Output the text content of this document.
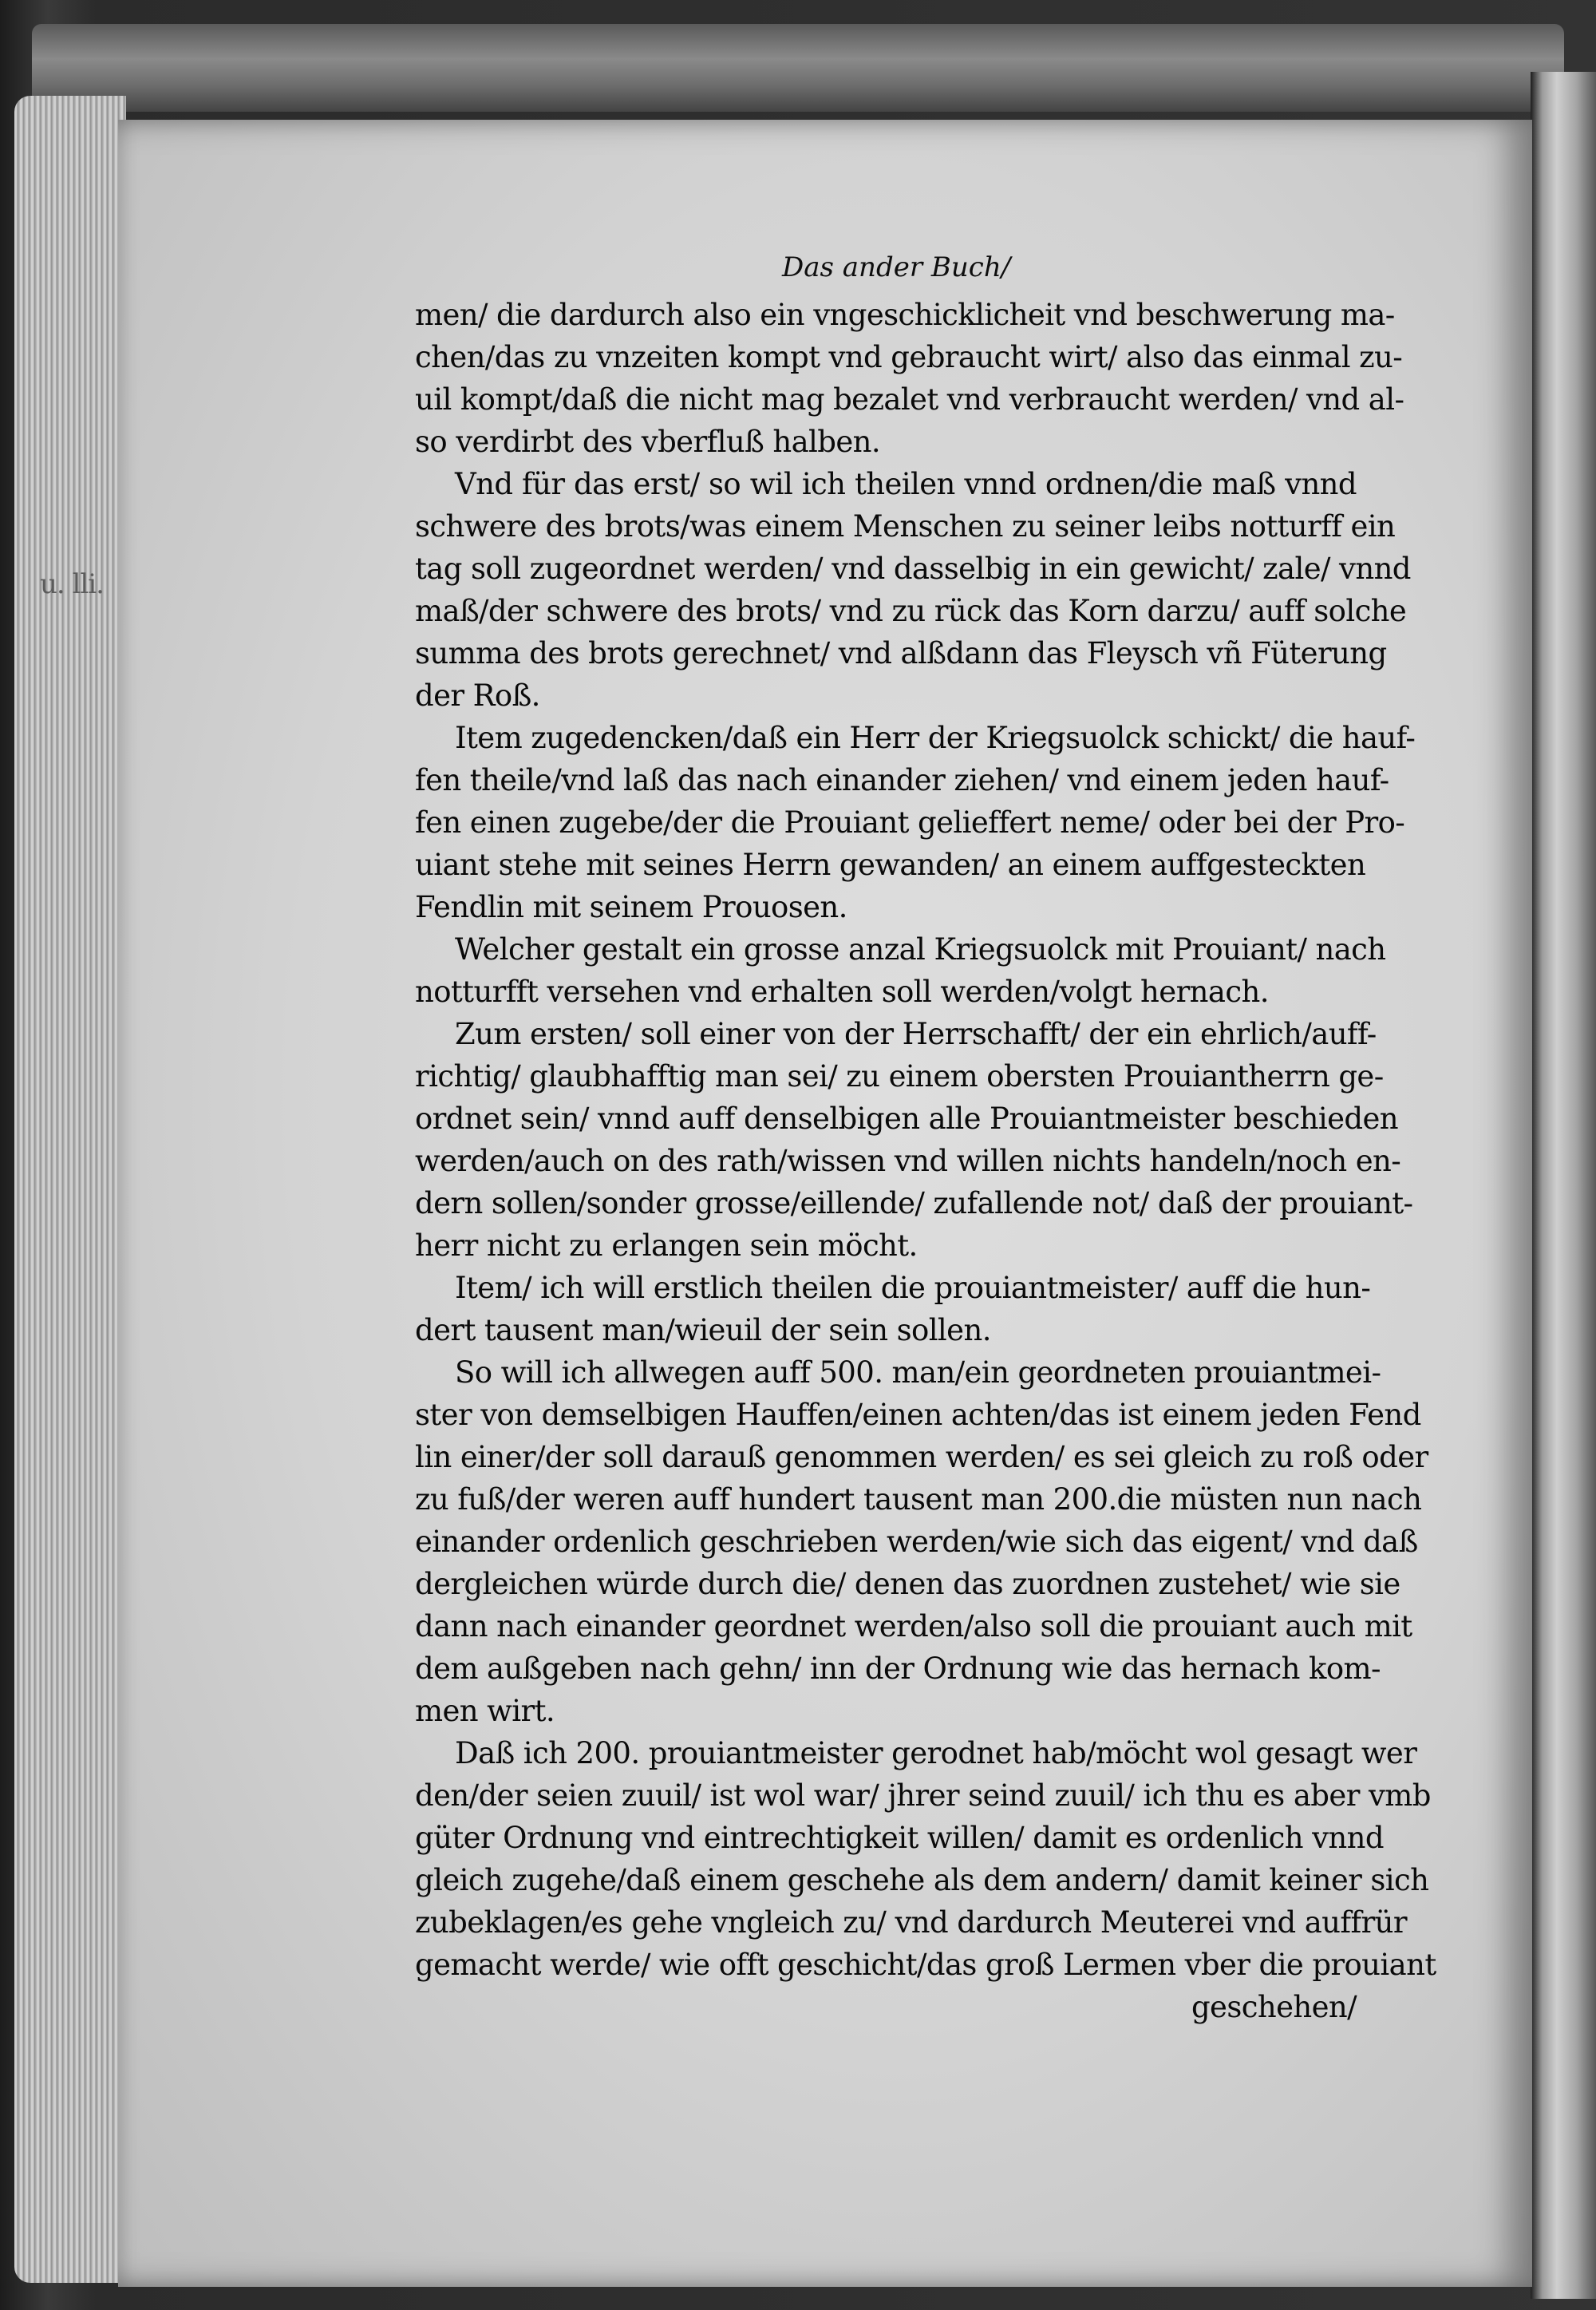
u. lli.
Das ander Buch/
men/ die dardurch also ein vngeschicklicheit vnd beschwerung ma-
chen/das zu vnzeiten kompt vnd gebraucht wirt/ also das einmal zu-
uil kompt/daß die nicht mag bezalet vnd verbraucht werden/ vnd al-
so verdirbt des vberfluß halben.
Vnd für das erst/ so wil ich theilen vnnd ordnen/die maß vnnd
schwere des brots/was einem Menschen zu seiner leibs notturff ein
tag soll zugeordnet werden/ vnd dasselbig in ein gewicht/ zale/ vnnd
maß/der schwere des brots/ vnd zu rück das Korn darzu/ auff solche
summa des brots gerechnet/ vnd alßdann das Fleysch vñ Füterung
der Roß.
Item zugedencken/daß ein Herr der Kriegsuolck schickt/ die hauf-
fen theile/vnd laß das nach einander ziehen/ vnd einem jeden hauf-
fen einen zugebe/der die Prouiant gelieffert neme/ oder bei der Pro-
uiant stehe mit seines Herrn gewanden/ an einem auffgesteckten
Fendlin mit seinem Prouosen.
Welcher gestalt ein grosse anzal Kriegsuolck mit Prouiant/ nach
notturfft versehen vnd erhalten soll werden/volgt hernach.
Zum ersten/ soll einer von der Herrschafft/ der ein ehrlich/auff-
richtig/ glaubhafftig man sei/ zu einem obersten Prouiantherrn ge-
ordnet sein/ vnnd auff denselbigen alle Prouiantmeister beschieden
werden/auch on des rath/wissen vnd willen nichts handeln/noch en-
dern sollen/sonder grosse/eillende/ zufallende not/ daß der prouiant-
herr nicht zu erlangen sein möcht.
Item/ ich will erstlich theilen die prouiantmeister/ auff die hun-
dert tausent man/wieuil der sein sollen.
So will ich allwegen auff 500. man/ein geordneten prouiantmei-
ster von demselbigen Hauffen/einen achten/das ist einem jeden Fend
lin einer/der soll darauß genommen werden/ es sei gleich zu roß oder
zu fuß/der weren auff hundert tausent man 200.die müsten nun nach
einander ordenlich geschrieben werden/wie sich das eigent/ vnd daß
dergleichen würde durch die/ denen das zuordnen zustehet/ wie sie
dann nach einander geordnet werden/also soll die prouiant auch mit
dem außgeben nach gehn/ inn der Ordnung wie das hernach kom-
men wirt.
Daß ich 200. prouiantmeister gerodnet hab/möcht wol gesagt wer
den/der seien zuuil/ ist wol war/ jhrer seind zuuil/ ich thu es aber vmb
güter Ordnung vnd eintrechtigkeit willen/ damit es ordenlich vnnd
gleich zugehe/daß einem geschehe als dem andern/ damit keiner sich
zubeklagen/es gehe vngleich zu/ vnd dardurch Meuterei vnd auffrür
gemacht werde/ wie offt geschicht/das groß Lermen vber die prouiant
geschehen/
